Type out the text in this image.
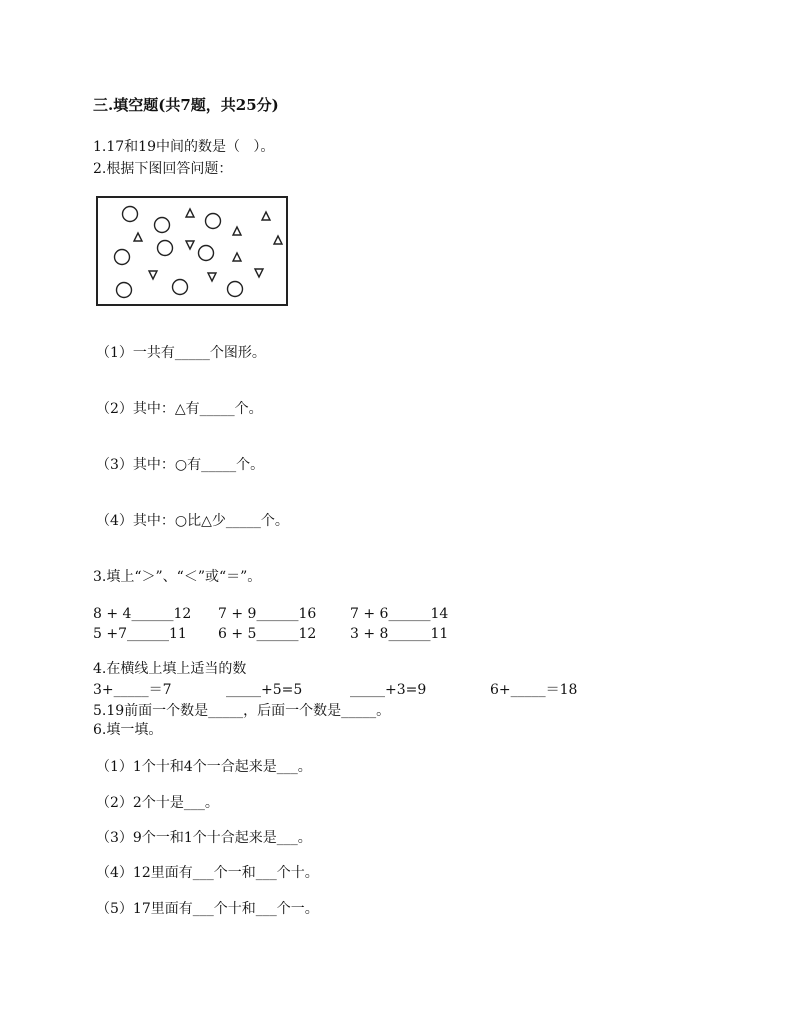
三.填空题(共7题，共25分)
1.17和19中间的数是（   ）。
2.根据下图回答问题：
（1）一共有_____个图形。
（2）其中：△有_____个。
（3）其中：○有_____个。
（4）其中：○比△少_____个。
3.填上“＞”、“＜”或“＝”。
8 + 4______12 7 + 9______16 7 + 6______14
5 +7______11 6 + 5______12 3 + 8______11
4.在横线上填上适当的数
3+_____＝7	_____+5=5	_____+3=9	6+_____＝18
5.19前面一个数是_____，后面一个数是_____。
6.填一填。
（1）1个十和4个一合起来是___。
（2）2个十是___。
（3）9个一和1个十合起来是___。
（4）12里面有___个一和___个十。
（5）17里面有___个十和___个一。
